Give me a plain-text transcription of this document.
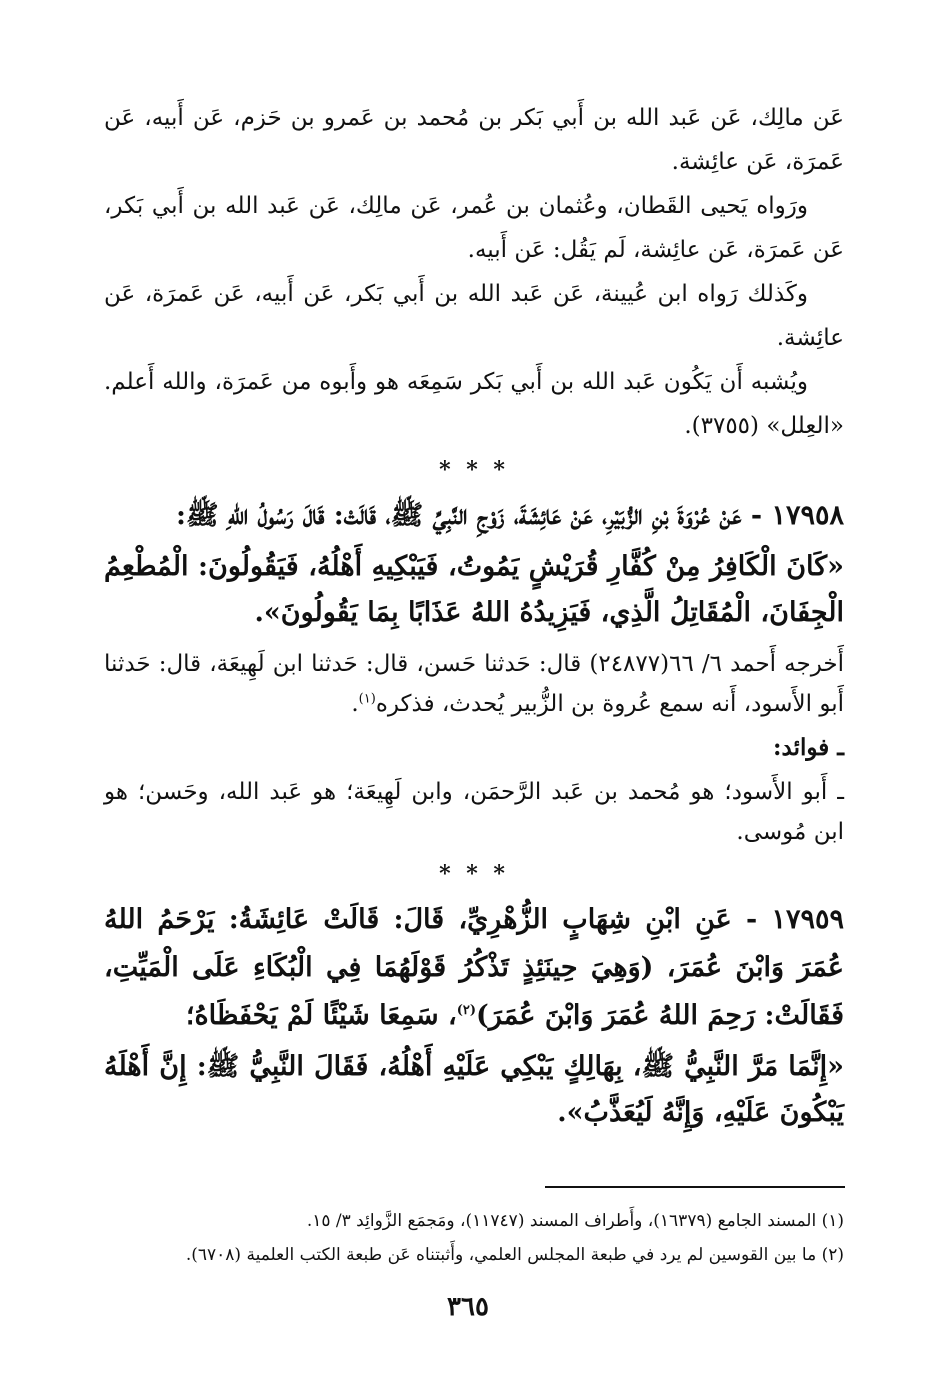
عَن مالِك، عَن عَبد الله بن أَبي بَكر بن مُحمد بن عَمرو بن حَزم، عَن أَبيه، عَن عَمرَة، عَن عائِشة.

ورَواه يَحيى القَطان، وعُثمان بن عُمر، عَن مالِك، عَن عَبد الله بن أَبي بَكر، عَن عَمرَة، عَن عائِشة، لَم يَقُل: عَن أَبيه.

وكَذلك رَواه ابن عُيينة، عَن عَبد الله بن أَبي بَكر، عَن أَبيه، عَن عَمرَة، عَن عائِشة.

ويُشبه أَن يَكُون عَبد الله بن أَبي بَكر سَمِعَه هو وأَبوه من عَمرَة، والله أَعلم. «العِلل» (٣٧٥٥).

* * *

١٧٩٥٨ - عَنْ عُرْوَةَ بْنِ الزُّبَيْرِ، عَنْ عَائِشَةَ، زَوْجِ النَّبِيِّ ﷺ، قَالَتْ: قَالَ رَسُولُ اللهِ ﷺ:

«كَانَ الْكَافِرُ مِنْ كُفَّارِ قُرَيْشٍ يَمُوتُ، فَيَبْكِيهِ أَهْلُهُ، فَيَقُولُونَ: الْمُطْعِمُ الْجِفَانَ، الْمُقَاتِلُ الَّذِي، فَيَزِيدُهُ اللهُ عَذَابًا بِمَا يَقُولُونَ».

أَخرجه أَحمد ٦/ ٦٦(٢٤٨٧٧) قال: حَدثنا حَسن، قال: حَدثنا ابن لَهِيعَة، قال: حَدثنا أَبو الأَسود، أَنه سمع عُروة بن الزُّبير يُحدث، فذكره$^{(١)}$.

ـ فوائد:

ـ أَبو الأَسود؛ هو مُحمد بن عَبد الرَّحمَن، وابن لَهِيعَة؛ هو عَبد الله، وحَسن؛ هو ابن مُوسى.

* * *

١٧٩٥٩ - عَنِ ابْنِ شِهَابٍ الزُّهْرِيِّ، قَالَ: قَالَتْ عَائِشَةُ: يَرْحَمُ اللهُ عُمَرَ وَابْنَ عُمَرَ، (وَهِيَ حِينَئِذٍ تَذْكُرُ قَوْلَهُمَا فِي الْبُكَاءِ عَلَى الْمَيِّتِ، فَقَالَتْ: رَحِمَ اللهُ عُمَرَ وَابْنَ عُمَرَ)$^{(٢)}$، سَمِعَا شَيْئًا لَمْ يَحْفَظَاهُ؛

«إِنَّمَا مَرَّ النَّبِيُّ ﷺ، بِهَالِكٍ يَبْكِي عَلَيْهِ أَهْلُهُ، فَقَالَ النَّبِيُّ ﷺ: إِنَّ أَهْلَهُ يَبْكُونَ عَلَيْهِ، وَإِنَّهُ لَيُعَذَّبُ».

(١) المسند الجامع (١٦٣٧٩)، وأَطراف المسند (١١٧٤٧)، ومَجمَع الزَّوائِد ٣/ ١٥.

(٢) ما بين القوسين لم يرد في طبعة المجلس العلمي، وأَثبتناه عَن طبعة الكتب العلمية (٦٧٠٨).

٣٦٥
